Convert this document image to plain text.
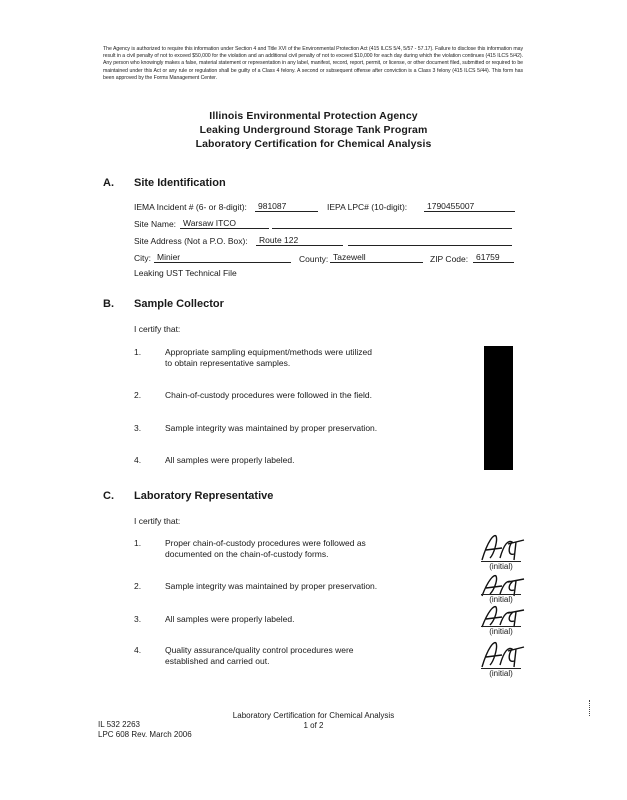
The Agency is authorized to require this information under Section 4 and Title XVI of the Environmental Protection Act (415 ILCS 5/4, 5/57 - 57.17). Failure to disclose this information may result in a civil penalty of not to exceed $50,000 for the violation and an additional civil penalty of not to exceed $10,000 for each day during which the violation continues (415 ILCS 5/42). Any person who knowingly makes a false, material statement or representation in any label, manifest, record, report, permit, or license, or other document filed, submitted or required to be maintained under this Act or any rule or regulation shall be guilty of a Class 4 felony. A second or subsequent offense after conviction is a Class 3 felony (415 ILCS 5/44). This form has been approved by the Forms Management Center.
Illinois Environmental Protection Agency
Leaking Underground Storage Tank Program
Laboratory Certification for Chemical Analysis
A. Site Identification
IEMA Incident # (6- or 8-digit):	981087	IEPA LPC# (10-digit):	1790455007
Site Name: Warsaw ITCO
Site Address (Not a P.O. Box):	Route 122
City: Minier	County: Tazewell	ZIP Code: 61759
Leaking UST Technical File
B. Sample Collector
I certify that:
1.	Appropriate sampling equipment/methods were utilized
to obtain representative samples.
2.	Chain-of-custody procedures were followed in the field.
3.	Sample integrity was maintained by proper preservation.
4.	All samples were properly labeled.
C. Laboratory Representative
I certify that:
1.	Proper chain-of-custody procedures were followed as
documented on the chain-of-custody forms.
2.	Sample integrity was maintained by proper preservation.
3.	All samples were properly labeled.
4.	Quality assurance/quality control procedures were
established and carried out.
(initial)
(initial)
(initial)
(initial)
Laboratory Certification for Chemical Analysis
1 of 2
IL 532 2263
LPC 608 Rev. March 2006
